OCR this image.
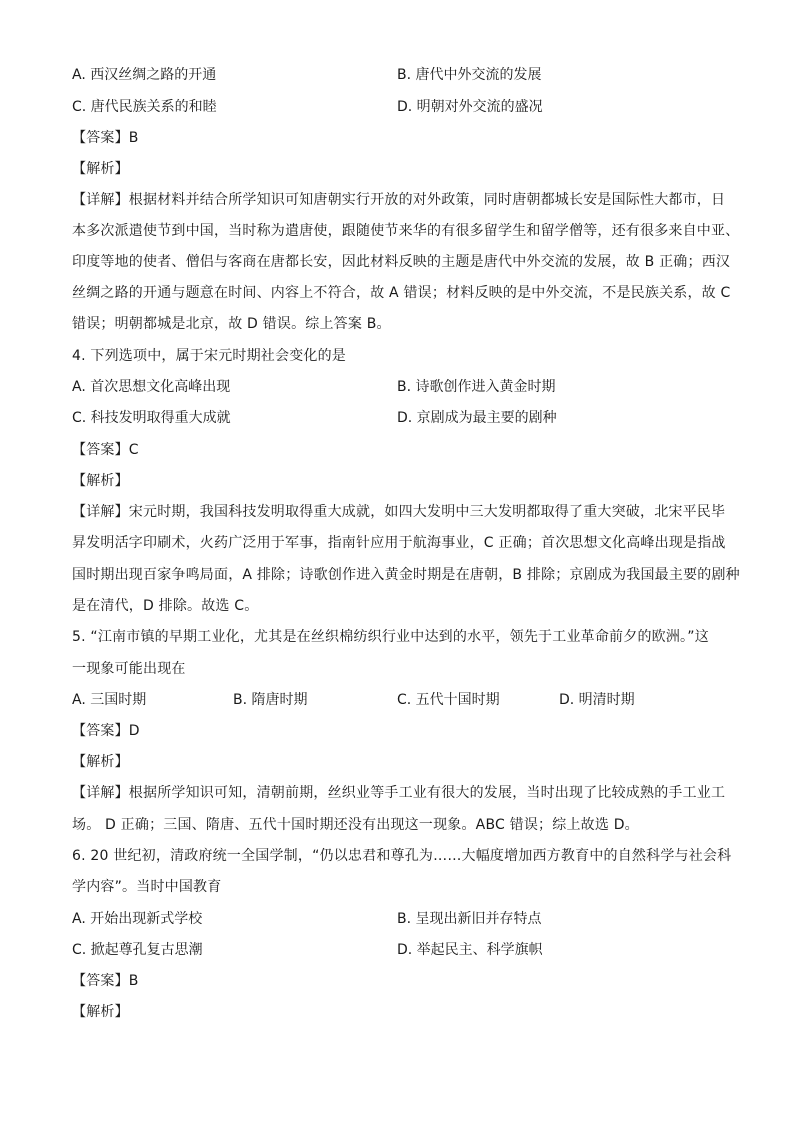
A. 西汉丝绸之路的开通	B. 唐代中外交流的发展
C. 唐代民族关系的和睦	D. 明朝对外交流的盛况
【答案】B
【解析】
【详解】根据材料并结合所学知识可知唐朝实行开放的对外政策，同时唐朝都城长安是国际性大都市，日
本多次派遣使节到中国，当时称为遣唐使，跟随使节来华的有很多留学生和留学僧等，还有很多来自中亚、
印度等地的使者、僧侣与客商在唐都长安，因此材料反映的主题是唐代中外交流的发展，故 B 正确；西汉
丝绸之路的开通与题意在时间、内容上不符合，故 A 错误；材料反映的是中外交流，不是民族关系，故 C
错误；明朝都城是北京，故 D 错误。综上答案 B。
4. 下列选项中，属于宋元时期社会变化的是
A. 首次思想文化高峰出现	B. 诗歌创作进入黄金时期
C. 科技发明取得重大成就	D. 京剧成为最主要的剧种
【答案】C
【解析】
【详解】宋元时期，我国科技发明取得重大成就，如四大发明中三大发明都取得了重大突破，北宋平民毕
昇发明活字印刷术，火药广泛用于军事，指南针应用于航海事业，C 正确；首次思想文化高峰出现是指战
国时期出现百家争鸣局面，A 排除；诗歌创作进入黄金时期是在唐朝，B 排除；京剧成为我国最主要的剧种
是在清代，D 排除。故选 C。
5. “江南市镇的早期工业化，尤其是在丝织棉纺织行业中达到的水平，领先于工业革命前夕的欧洲。”这
一现象可能出现在
A. 三国时期	B. 隋唐时期	C. 五代十国时期	D. 明清时期
【答案】D
【解析】
【详解】根据所学知识可知，清朝前期，丝织业等手工业有很大的发展，当时出现了比较成熟的手工业工
场。 D 正确；三国、隋唐、五代十国时期还没有出现这一现象。ABC 错误；综上故选 D。
6. 20 世纪初，清政府统一全国学制，“仍以忠君和尊孔为……大幅度增加西方教育中的自然科学与社会科
学内容”。当时中国教育
A. 开始出现新式学校	B. 呈现出新旧并存特点
C. 掀起尊孔复古思潮	D. 举起民主、科学旗帜
【答案】B
【解析】
